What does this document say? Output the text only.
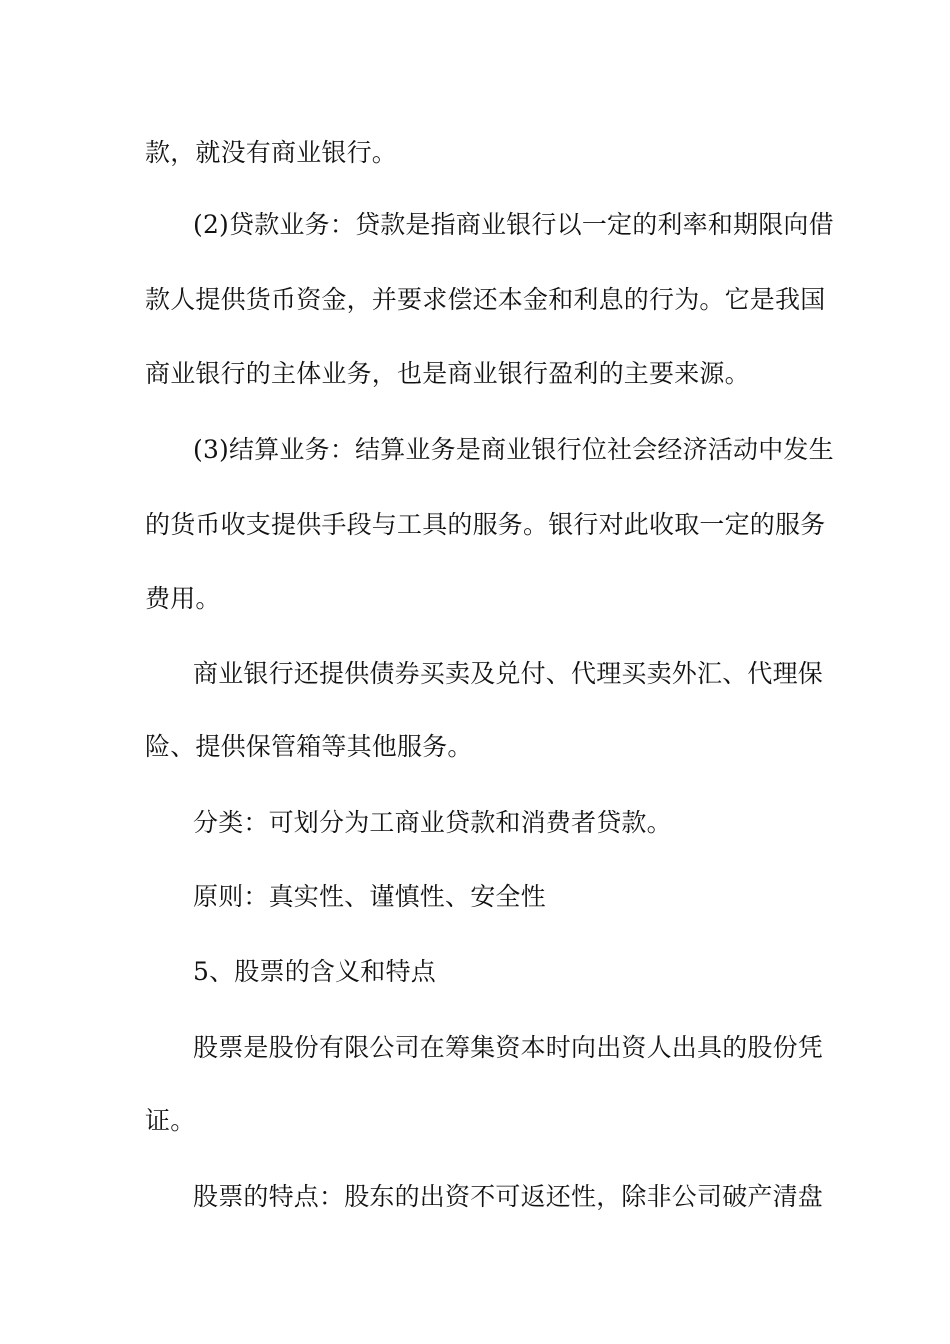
款，就没有商业银行。
(2)贷款业务：贷款是指商业银行以一定的利率和期限向借
款人提供货币资金，并要求偿还本金和利息的行为。它是我国
商业银行的主体业务，也是商业银行盈利的主要来源。
(3)结算业务：结算业务是商业银行位社会经济活动中发生
的货币收支提供手段与工具的服务。银行对此收取一定的服务
费用。
商业银行还提供债券买卖及兑付、代理买卖外汇、代理保
险、提供保管箱等其他服务。
分类：可划分为工商业贷款和消费者贷款。
原则：真实性、谨慎性、安全性
5、股票的含义和特点
股票是股份有限公司在筹集资本时向出资人出具的股份凭
证。
股票的特点：股东的出资不可返还性，除非公司破产清盘
